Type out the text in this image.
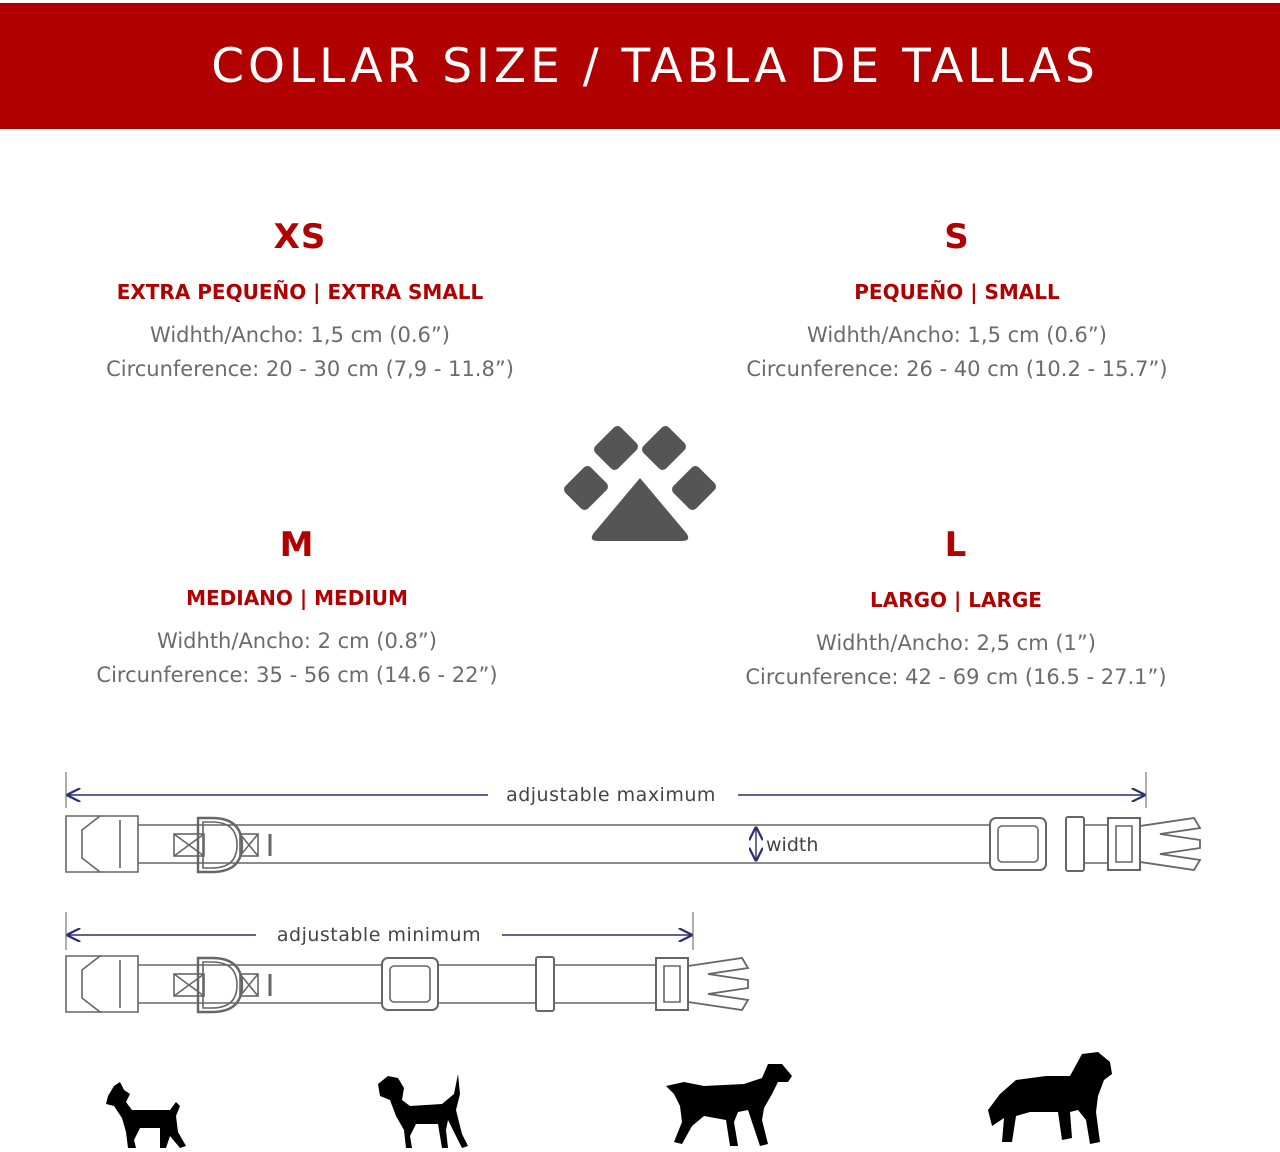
COLLAR SIZE / TABLA DE TALLAS
XS
EXTRA PEQUEÑO | EXTRA SMALL
Widhth/Ancho: 1,5 cm (0.6”)
Circunference: 20 - 30 cm (7,9 - 11.8”)
S
PEQUEÑO | SMALL
Widhth/Ancho: 1,5 cm (0.6”)
Circunference: 26 - 40 cm (10.2 - 15.7”)
M
MEDIANO | MEDIUM
Widhth/Ancho: 2 cm (0.8”)
Circunference: 35 - 56 cm (14.6 - 22”)
L
LARGO | LARGE
Widhth/Ancho: 2,5 cm (1”)
Circunference: 42 - 69 cm (16.5 - 27.1”)
adjustable maximum
width
adjustable minimum
